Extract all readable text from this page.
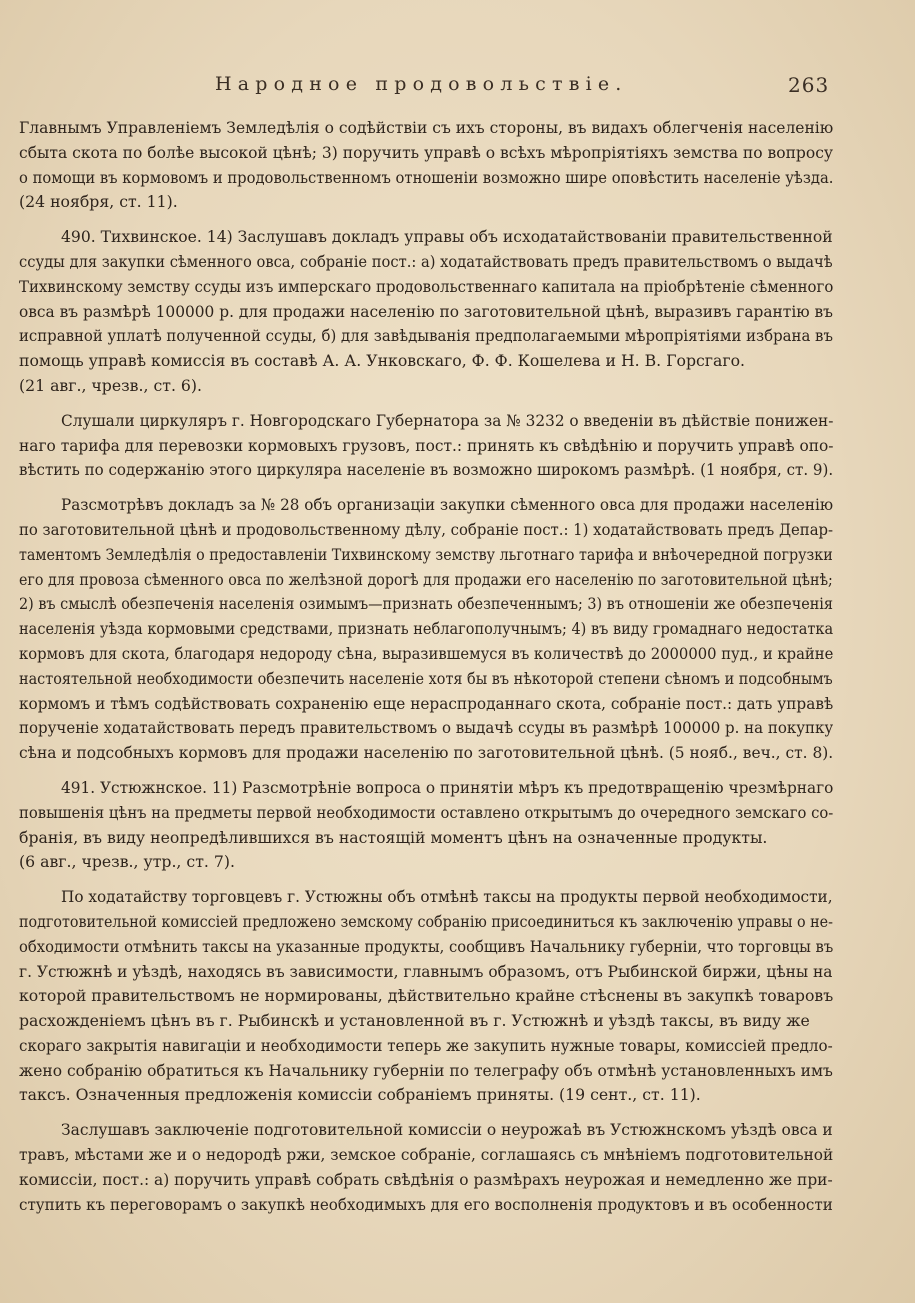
Народное продовольствіе.	263
Главнымъ Управленіемъ Земледѣлія о содѣйствіи съ ихъ стороны, въ видахъ облегченія населенію
сбыта скота по болѣе высокой цѣнѣ; 3) поручить управѣ о всѣхъ мѣропріятіяхъ земства по вопросу
о помощи въ кормовомъ и продовольственномъ отношеніи возможно шире оповѣстить населеніе уѣзда.
(24 ноября, ст. 11).
490. Тихвинское. 14) Заслушавъ докладъ управы объ исходатайствованіи правительственной
ссуды для закупки сѣменного овса, собраніе пост.: а) ходатайствовать предъ правительствомъ о выдачѣ
Тихвинскому земству ссуды изъ имперскаго продовольственнаго капитала на пріобрѣтеніе сѣменного
овса въ размѣрѣ 100000 р. для продажи населенію по заготовительной цѣнѣ, выразивъ гарантію въ
исправной уплатѣ полученной ссуды, б) для завѣдыванія предполагаемыми мѣропріятіями избрана въ
помощь управѣ комиссія въ составѣ А. А. Унковскаго, Ф. Ф. Кошелева и Н. В. Горсгаго.
(21 авг., чрезв., ст. 6).
Слушали циркуляръ г. Новгородскаго Губернатора за № 3232 о введеніи въ дѣйствіе понижен-
наго тарифа для перевозки кормовыхъ грузовъ, пост.: принять къ свѣдѣнію и поручить управѣ опо-
вѣстить по содержанію этого циркуляра населеніе въ возможно широкомъ размѣрѣ. (1 ноября, ст. 9).
Разсмотрѣвъ докладъ за № 28 объ организаціи закупки сѣменного овса для продажи населенію
по заготовительной цѣнѣ и продовольственному дѣлу, собраніе пост.: 1) ходатайствовать предъ Депар-
таментомъ Земледѣлія о предоставленіи Тихвинскому земству льготнаго тарифа и внѣочередной погрузки
его для провоза сѣменного овса по желѣзной дорогѣ для продажи его населенію по заготовительной цѣнѣ;
2) въ смыслѣ обезпеченія населенія озимымъ—признать обезпеченнымъ; 3) въ отношеніи же обезпеченія
населенія уѣзда кормовыми средствами, признать неблагополучнымъ; 4) въ виду громаднаго недостатка
кормовъ для скота, благодаря недороду сѣна, выразившемуся въ количествѣ до 2000000 пуд., и крайне
настоятельной необходимости обезпечить населеніе хотя бы въ нѣкоторой степени сѣномъ и подсобнымъ
кормомъ и тѣмъ содѣйствовать сохраненію еще нераспроданнаго скота, собраніе пост.: дать управѣ
порученіе ходатайствовать передъ правительствомъ о выдачѣ ссуды въ размѣрѣ 100000 р. на покупку
сѣна и подсобныхъ кормовъ для продажи населенію по заготовительной цѣнѣ. (5 нояб., веч., ст. 8).
491. Устюжнское. 11) Разсмотрѣніе вопроса о принятіи мѣръ къ предотвращенію чрезмѣрнаго
повышенія цѣнъ на предметы первой необходимости оставлено открытымъ до очередного земскаго со-
бранія, въ виду неопредѣлившихся въ настоящій моментъ цѣнъ на означенные продукты.
(6 авг., чрезв., утр., ст. 7).
По ходатайству торговцевъ г. Устюжны объ отмѣнѣ таксы на продукты первой необходимости,
подготовительной комиссіей предложено земскому собранію присоединиться къ заключенію управы о не-
обходимости отмѣнить таксы на указанные продукты, сообщивъ Начальнику губерніи, что торговцы въ
г. Устюжнѣ и уѣздѣ, находясь въ зависимости, главнымъ образомъ, отъ Рыбинской биржи, цѣны на
которой правительствомъ не нормированы, дѣйствительно крайне стѣснены въ закупкѣ товаровъ
расхожденіемъ цѣнъ въ г. Рыбинскѣ и установленной въ г. Устюжнѣ и уѣздѣ таксы, въ виду же
скораго закрытія навигаціи и необходимости теперь же закупить нужные товары, комиссіей предло-
жено собранію обратиться къ Начальнику губерніи по телеграфу объ отмѣнѣ установленныхъ имъ
таксъ. Означенныя предложенія комиссіи собраніемъ приняты. (19 сент., ст. 11).
Заслушавъ заключеніе подготовительной комиссіи о неурожаѣ въ Устюжнскомъ уѣздѣ овса и
травъ, мѣстами же и о недородѣ ржи, земское собраніе, соглашаясь съ мнѣніемъ подготовительной
комиссіи, пост.: а) поручить управѣ собрать свѣдѣнія о размѣрахъ неурожая и немедленно же при-
ступить къ переговорамъ о закупкѣ необходимыхъ для его восполненія продуктовъ и въ особенности
